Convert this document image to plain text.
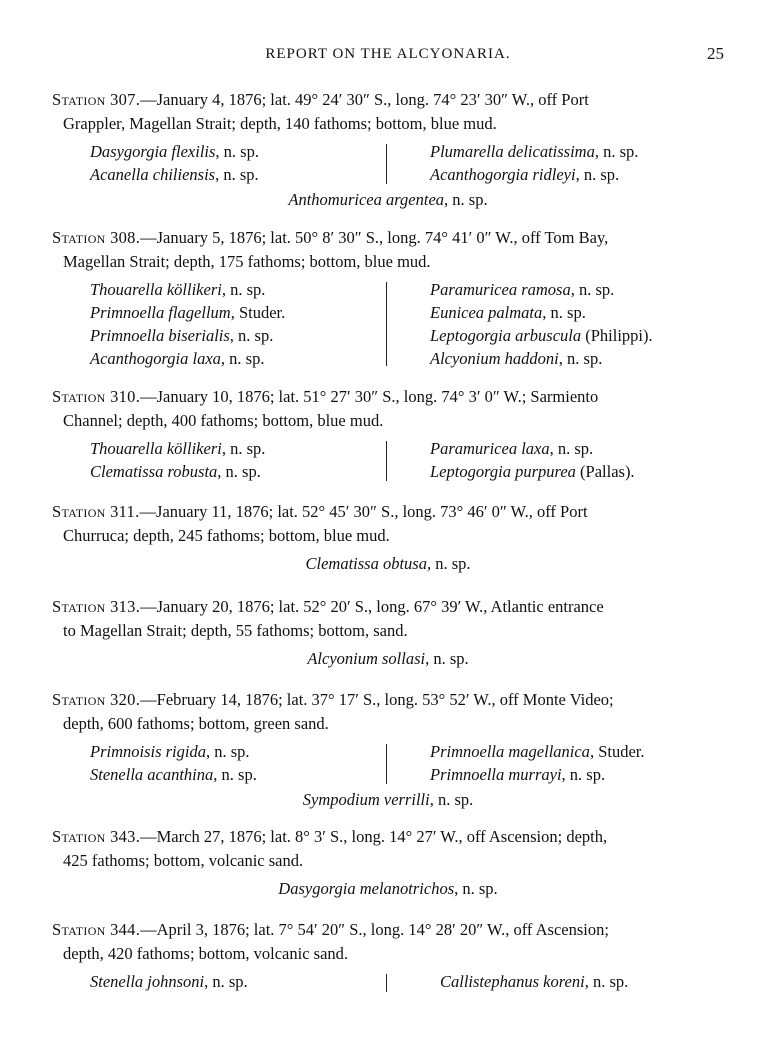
REPORT ON THE ALCYONARIA.	25
Station 307.—January 4, 1876; lat. 49° 24′ 30″ S., long. 74° 23′ 30″ W., off Port
Grappler, Magellan Strait; depth, 140 fathoms; bottom, blue mud.
Dasygorgia flexilis, n. sp.
Acanella chiliensis, n. sp.
Plumarella delicatissima, n. sp.
Acanthogorgia ridleyi, n. sp.
Anthomuricea argentea, n. sp.
Station 308.—January 5, 1876; lat. 50° 8′ 30″ S., long. 74° 41′ 0″ W., off Tom Bay,
Magellan Strait; depth, 175 fathoms; bottom, blue mud.
Thouarella köllikeri, n. sp.
Primnoella flagellum, Studer.
Primnoella biserialis, n. sp.
Acanthogorgia laxa, n. sp.
Paramuricea ramosa, n. sp.
Eunicea palmata, n. sp.
Leptogorgia arbuscula (Philippi).
Alcyonium haddoni, n. sp.
Station 310.—January 10, 1876; lat. 51° 27′ 30″ S., long. 74° 3′ 0″ W.; Sarmiento
Channel; depth, 400 fathoms; bottom, blue mud.
Thouarella köllikeri, n. sp.
Clematissa robusta, n. sp.
Paramuricea laxa, n. sp.
Leptogorgia purpurea (Pallas).
Station 311.—January 11, 1876; lat. 52° 45′ 30″ S., long. 73° 46′ 0″ W., off Port
Churruca; depth, 245 fathoms; bottom, blue mud.
Clematissa obtusa, n. sp.
Station 313.—January 20, 1876; lat. 52° 20′ S., long. 67° 39′ W., Atlantic entrance
to Magellan Strait; depth, 55 fathoms; bottom, sand.
Alcyonium sollasi, n. sp.
Station 320.—February 14, 1876; lat. 37° 17′ S., long. 53° 52′ W., off Monte Video;
depth, 600 fathoms; bottom, green sand.
Primnoisis rigida, n. sp.
Stenella acanthina, n. sp.
Primnoella magellanica, Studer.
Primnoella murrayi, n. sp.
Sympodium verrilli, n. sp.
Station 343.—March 27, 1876; lat. 8° 3′ S., long. 14° 27′ W., off Ascension; depth,
425 fathoms; bottom, volcanic sand.
Dasygorgia melanotrichos, n. sp.
Station 344.—April 3, 1876; lat. 7° 54′ 20″ S., long. 14° 28′ 20″ W., off Ascension;
depth, 420 fathoms; bottom, volcanic sand.
Stenella johnsoni, n. sp.	Callistephanus koreni, n. sp.
